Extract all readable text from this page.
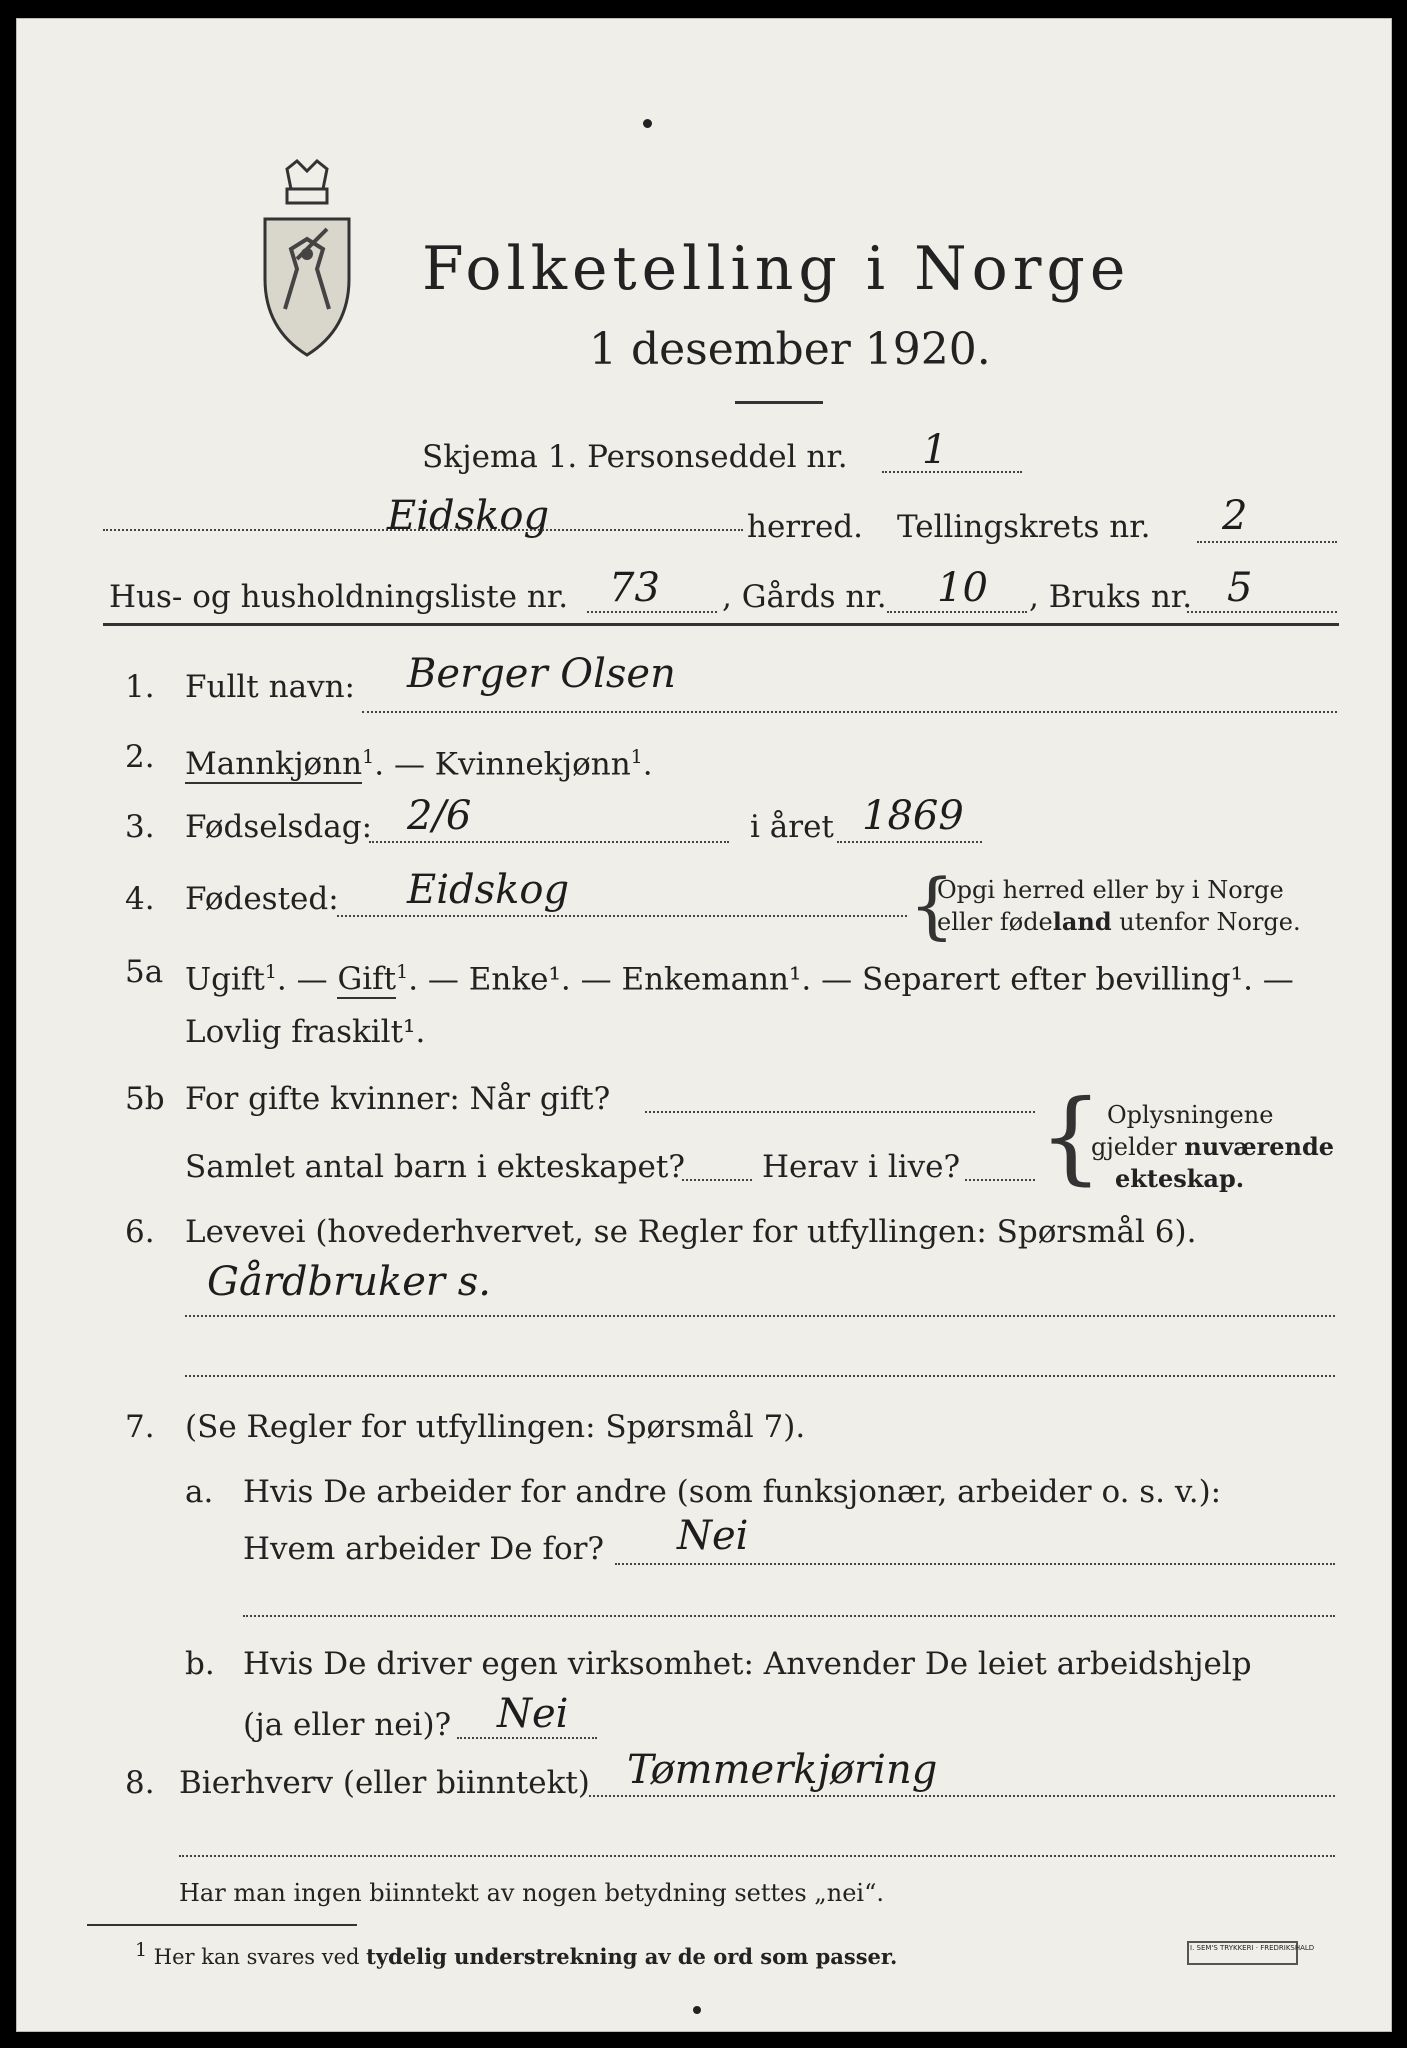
Folketelling i Norge
1 desember 1920.
Skjema 1. Personseddel nr. 1
Eidskog	herred. Tellingskrets nr. 2
Hus- og husholdningsliste nr. 73 , Gårds nr. 10 , Bruks nr. 5
1. Fullt navn: Berger Olsen
2. Mannkjønn$^1$. — Kvinnekjønn$^1$.
3. Fødselsdag: 2/6	i året 1869
4. Fødested: Eidskog	{
Opgi herred eller by i Norge
eller fødeland utenfor Norge.
5a Ugift$^1$. — Gift$^1$. — Enke¹. — Enkemann¹. — Separert efter bevilling¹. —
Lovlig fraskilt¹.
5b For gifte kvinner: Når gift?
Samlet antal barn i ekteskapet? Herav i live? { Oplysningene
gjelder nuværende
ekteskap.
6. Levevei (hovederhvervet, se Regler for utfyllingen: Spørsmål 6).
Gårdbruker s.
7. (Se Regler for utfyllingen: Spørsmål 7).
a. Hvis De arbeider for andre (som funksjonær, arbeider o. s. v.):
Hvem arbeider De for? Nei
b. Hvis De driver egen virksomhet: Anvender De leiet arbeidshjelp
(ja eller nei)? Nei
8. Bierhverv (eller biinntekt) Tømmerkjøring
Har man ingen biinntekt av nogen betydning settes „nei“.
$^1$ Her kan svares ved tydelig understrekning av de ord som passer.	I. SEM'S TRYKKERI · FREDRIKSHALD
